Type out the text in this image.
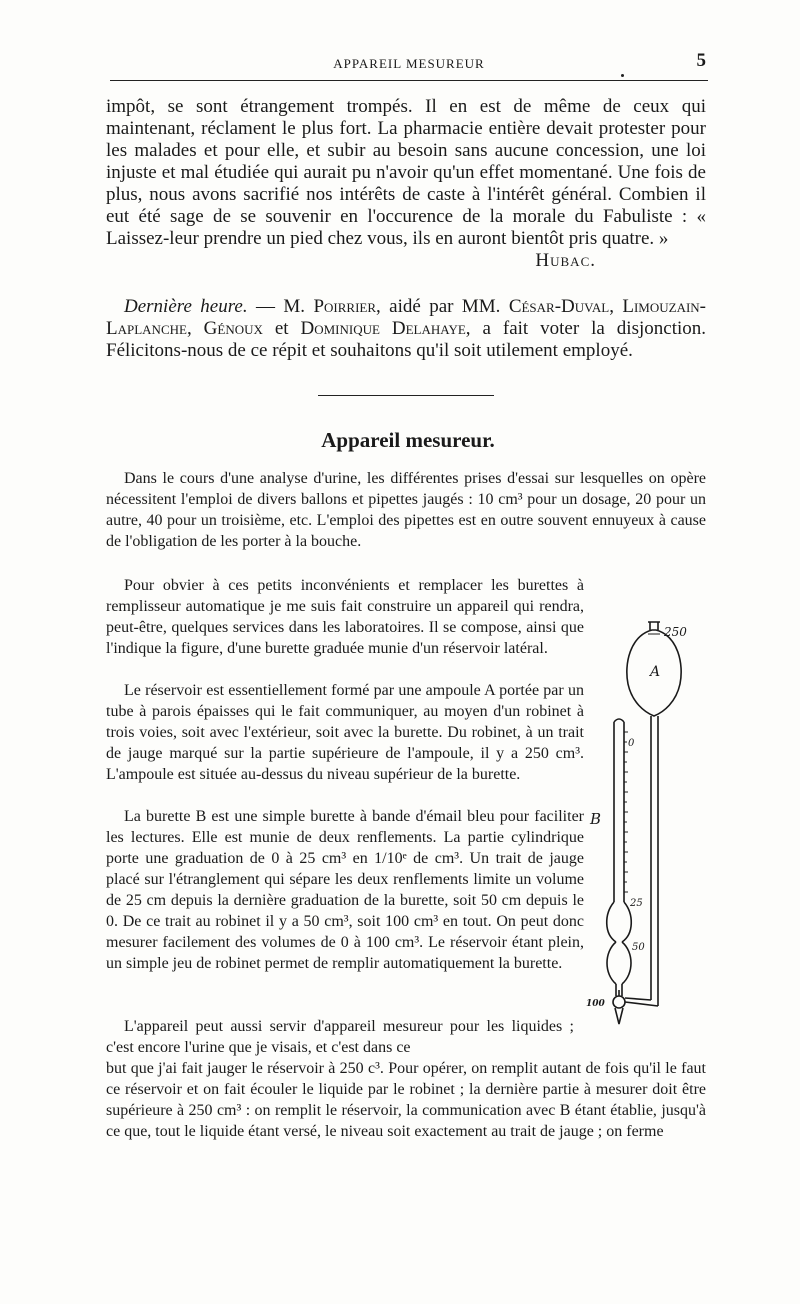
APPAREIL MESUREUR	5

impôt, se sont étrangement trompés. Il en est de même de ceux qui maintenant, réclament le plus fort. La pharmacie entière devait protester pour les malades et pour elle, et subir au besoin sans aucune concession, une loi injuste et mal étudiée qui aurait pu n'avoir qu'un effet momentané. Une fois de plus, nous avons sacrifié nos intérêts de caste à l'intérêt général. Combien il eut été sage de se souvenir en l'occurence de la morale du Fabuliste : « Laissez-leur prendre un pied chez vous, ils en auront bientôt pris quatre. »
Hubac.

Dernière heure. — M. Poirrier, aidé par MM. César-Duval, Limouzain-Laplanche, Génoux et Dominique Delahaye, a fait voter la disjonction. Félicitons-nous de ce répit et souhaitons qu'il soit utilement employé.

Appareil mesureur.

Dans le cours d'une analyse d'urine, les différentes prises d'essai sur lesquelles on opère nécessitent l'emploi de divers ballons et pipettes jaugés : 10 cm³ pour un dosage, 20 pour un autre, 40 pour un troisième, etc. L'emploi des pipettes est en outre souvent ennuyeux à cause de l'obligation de les porter à la bouche.

Pour obvier à ces petits inconvénients et remplacer les burettes à remplisseur automatique je me suis fait construire un appareil qui rendra, peut-être, quelques services dans les laboratoires. Il se compose, ainsi que l'indique la figure, d'une burette graduée munie d'un réservoir latéral.

Le réservoir est essentiellement formé par une ampoule A portée par un tube à parois épaisses qui le fait communiquer, au moyen d'un robinet à trois voies, soit avec l'extérieur, soit avec la burette. Du robinet, à un trait de jauge marqué sur la partie supérieure de l'ampoule, il y a 250 cm³. L'ampoule est située au-dessus du niveau supérieur de la burette.

La burette B est une simple burette à bande d'émail bleu pour faciliter les lectures. Elle est munie de deux renflements. La partie cylindrique porte une graduation de 0 à 25 cm³ en 1/10ᵉ de cm³. Un trait de jauge placé sur l'étranglement qui sépare les deux renflements limite un volume de 25 cm depuis la dernière graduation de la burette, soit 50 cm depuis le 0. De ce trait au robinet il y a 50 cm³, soit 100 cm³ en tout. On peut donc mesurer facilement des volumes de 0 à 100 cm³. Le réservoir étant plein, un simple jeu de robinet permet de remplir automatiquement la burette.

L'appareil peut aussi servir d'appareil mesureur pour les liquides ; c'est encore l'urine que je visais, et c'est dans ce

but que j'ai fait jauger le réservoir à 250 c³. Pour opérer, on remplit autant de fois qu'il le faut ce réservoir et on fait écouler le liquide par le robinet ; la dernière partie à mesurer doit être supérieure à 250 cm³ : on remplit le réservoir, la communication avec B étant établie, jusqu'à ce que, tout le liquide étant versé, le niveau soit exactement au trait de jauge ; on ferme

250
A
B
0
25
50
100
